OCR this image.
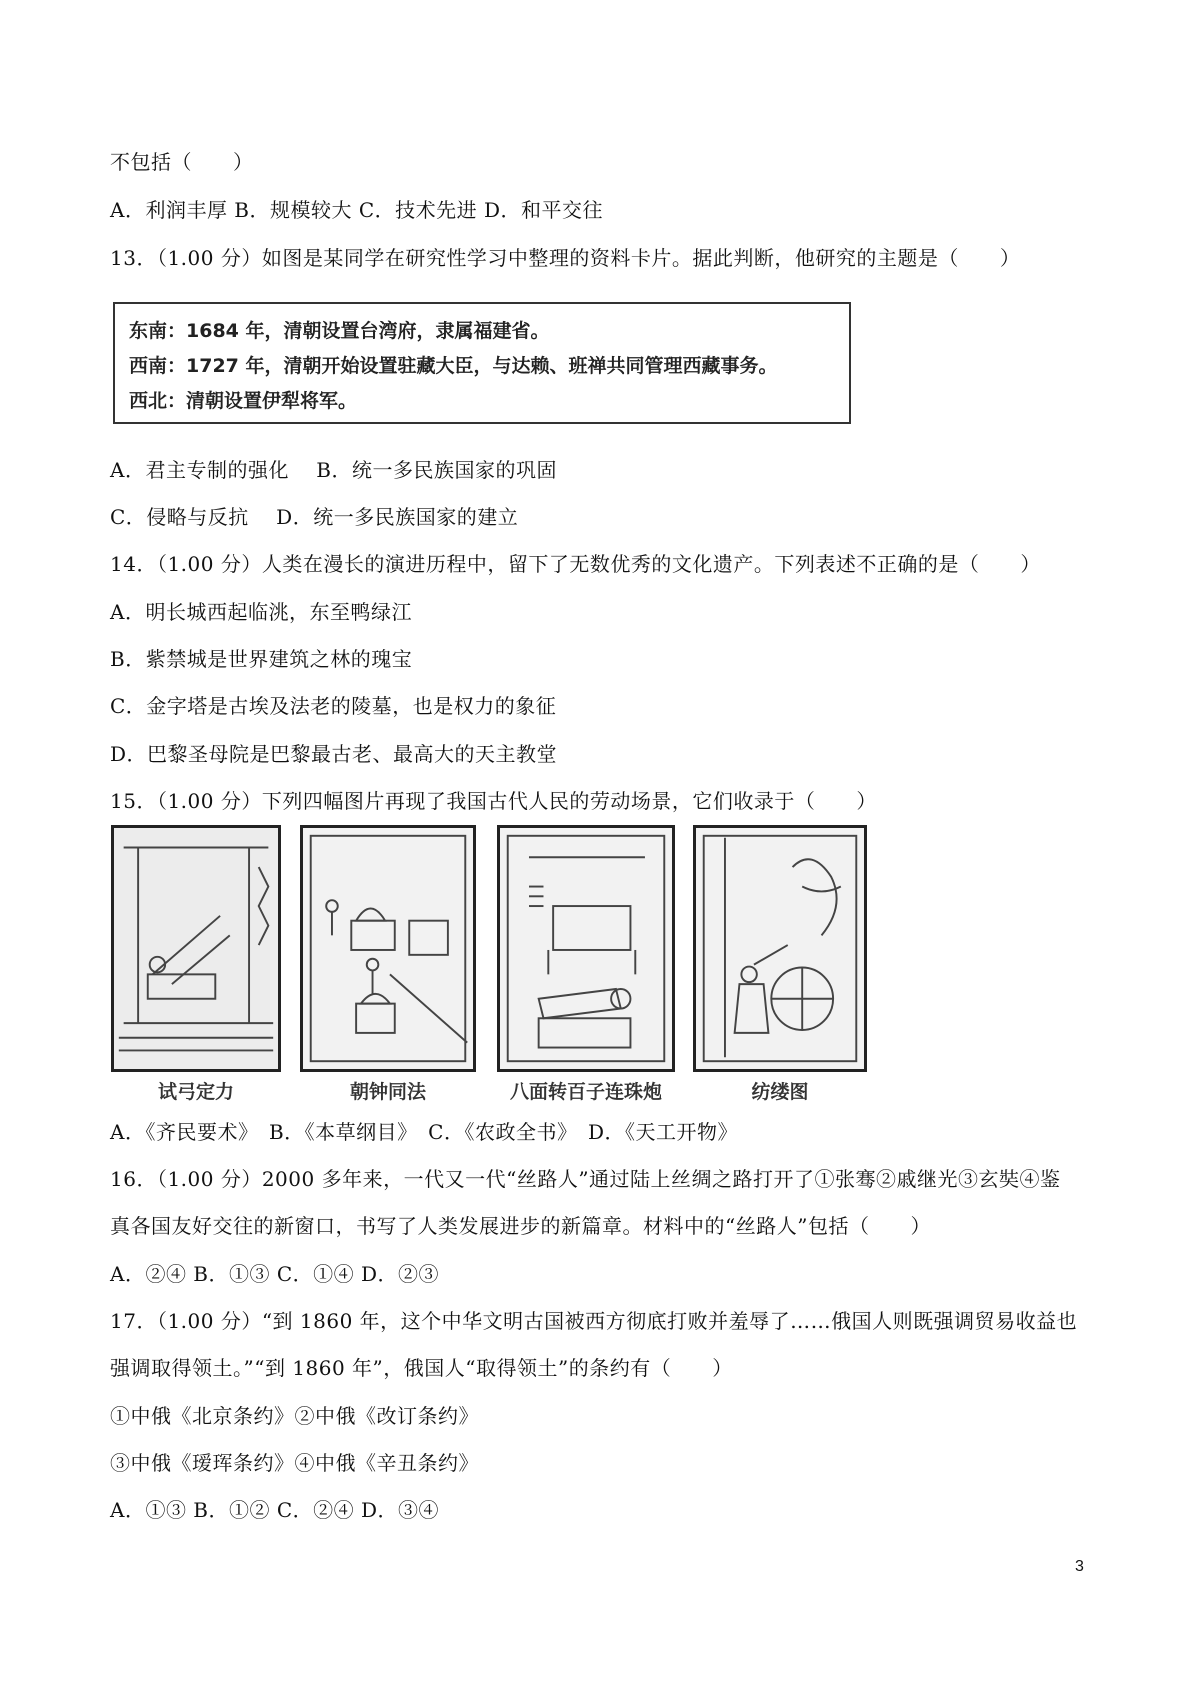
不包括（　　）
A．利润丰厚 B．规模较大 C．技术先进 D．和平交往
13．（1.00 分）如图是某同学在研究性学习中整理的资料卡片。据此判断，他研究的主题是（　　）
东南：1684 年，清朝设置台湾府，隶属福建省。
西南：1727 年，清朝开始设置驻藏大臣，与达赖、班禅共同管理西藏事务。
西北：清朝设置伊犁将军。
A．君主专制的强化　 B．统一多民族国家的巩固
C．侵略与反抗　 D．统一多民族国家的建立
14．（1.00 分）人类在漫长的演进历程中，留下了无数优秀的文化遗产。下列表述不正确的是（　　）
A．明长城西起临洮，东至鸭绿江
B．紫禁城是世界建筑之林的瑰宝
C．金字塔是古埃及法老的陵墓，也是权力的象征
D．巴黎圣母院是巴黎最古老、最高大的天主教堂
15．（1.00 分）下列四幅图片再现了我国古代人民的劳动场景，它们收录于（　　）
试弓定力	朝钟同法	八面转百子连珠炮	纺缕图
A．《齐民要术》　B．《本草纲目》　C．《农政全书》　D．《天工开物》
16．（1.00 分）2000 多年来，一代又一代“丝路人”通过陆上丝绸之路打开了①张骞②戚继光③玄奘④鉴
真各国友好交往的新窗口，书写了人类发展进步的新篇章。材料中的“丝路人”包括（　　）
A．②④ B．①③ C．①④ D．②③
17．（1.00 分）“到 1860 年，这个中华文明古国被西方彻底打败并羞辱了……俄国人则既强调贸易收益也
强调取得领土。”“到 1860 年”，俄国人“取得领土”的条约有（　　）
①中俄《北京条约》②中俄《改订条约》
③中俄《瑷珲条约》④中俄《辛丑条约》
A．①③ B．①② C．②④ D．③④
3
